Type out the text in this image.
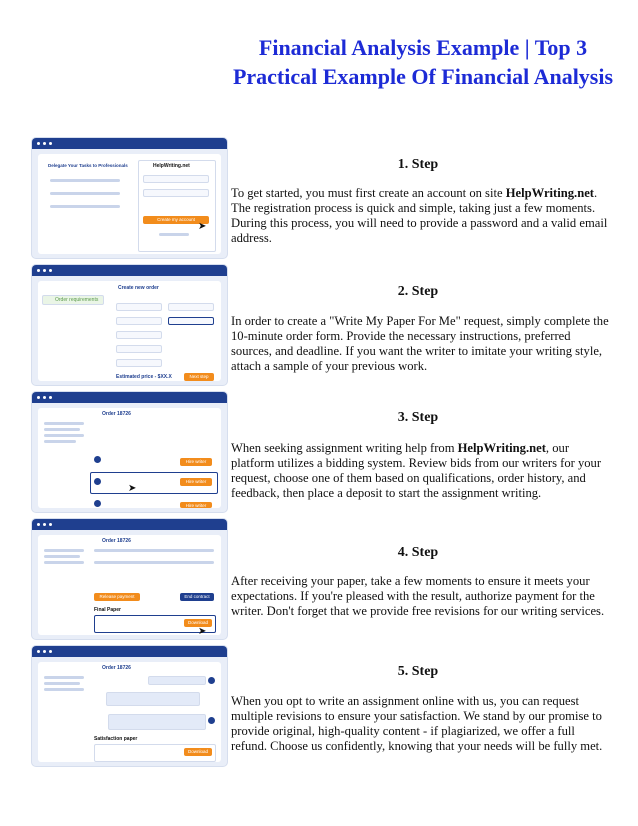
Financial Analysis Example | Top 3 Practical Example Of Financial Analysis
Delegate Your Tasks to Professionals	HelpWriting.net
Create my account
➤
Order requirements
Create new order
Estimated price - $XX.X	Next step
Order 18726
Hire writer
Hire writer
➤
Hire writer
Order 18726
Release payment	End contract
Final Paper
Download
➤
Order 18726
Satisfaction paper
Download
1. Step

To get started, you must first create an account on site HelpWriting.net. The registration process is quick and simple, taking just a few moments. During this process, you will need to provide a password and a valid email address.

2. Step

In order to create a "Write My Paper For Me" request, simply complete the 10-minute order form. Provide the necessary instructions, preferred sources, and deadline. If you want the writer to imitate your writing style, attach a sample of your previous work.

3. Step

When seeking assignment writing help from HelpWriting.net, our platform utilizes a bidding system. Review bids from our writers for your request, choose one of them based on qualifications, order history, and feedback, then place a deposit to start the assignment writing.

4. Step

After receiving your paper, take a few moments to ensure it meets your expectations. If you're pleased with the result, authorize payment for the writer. Don't forget that we provide free revisions for our writing services.

5. Step

When you opt to write an assignment online with us, you can request multiple revisions to ensure your satisfaction. We stand by our promise to provide original, high-quality content - if plagiarized, we offer a full refund. Choose us confidently, knowing that your needs will be fully met.
